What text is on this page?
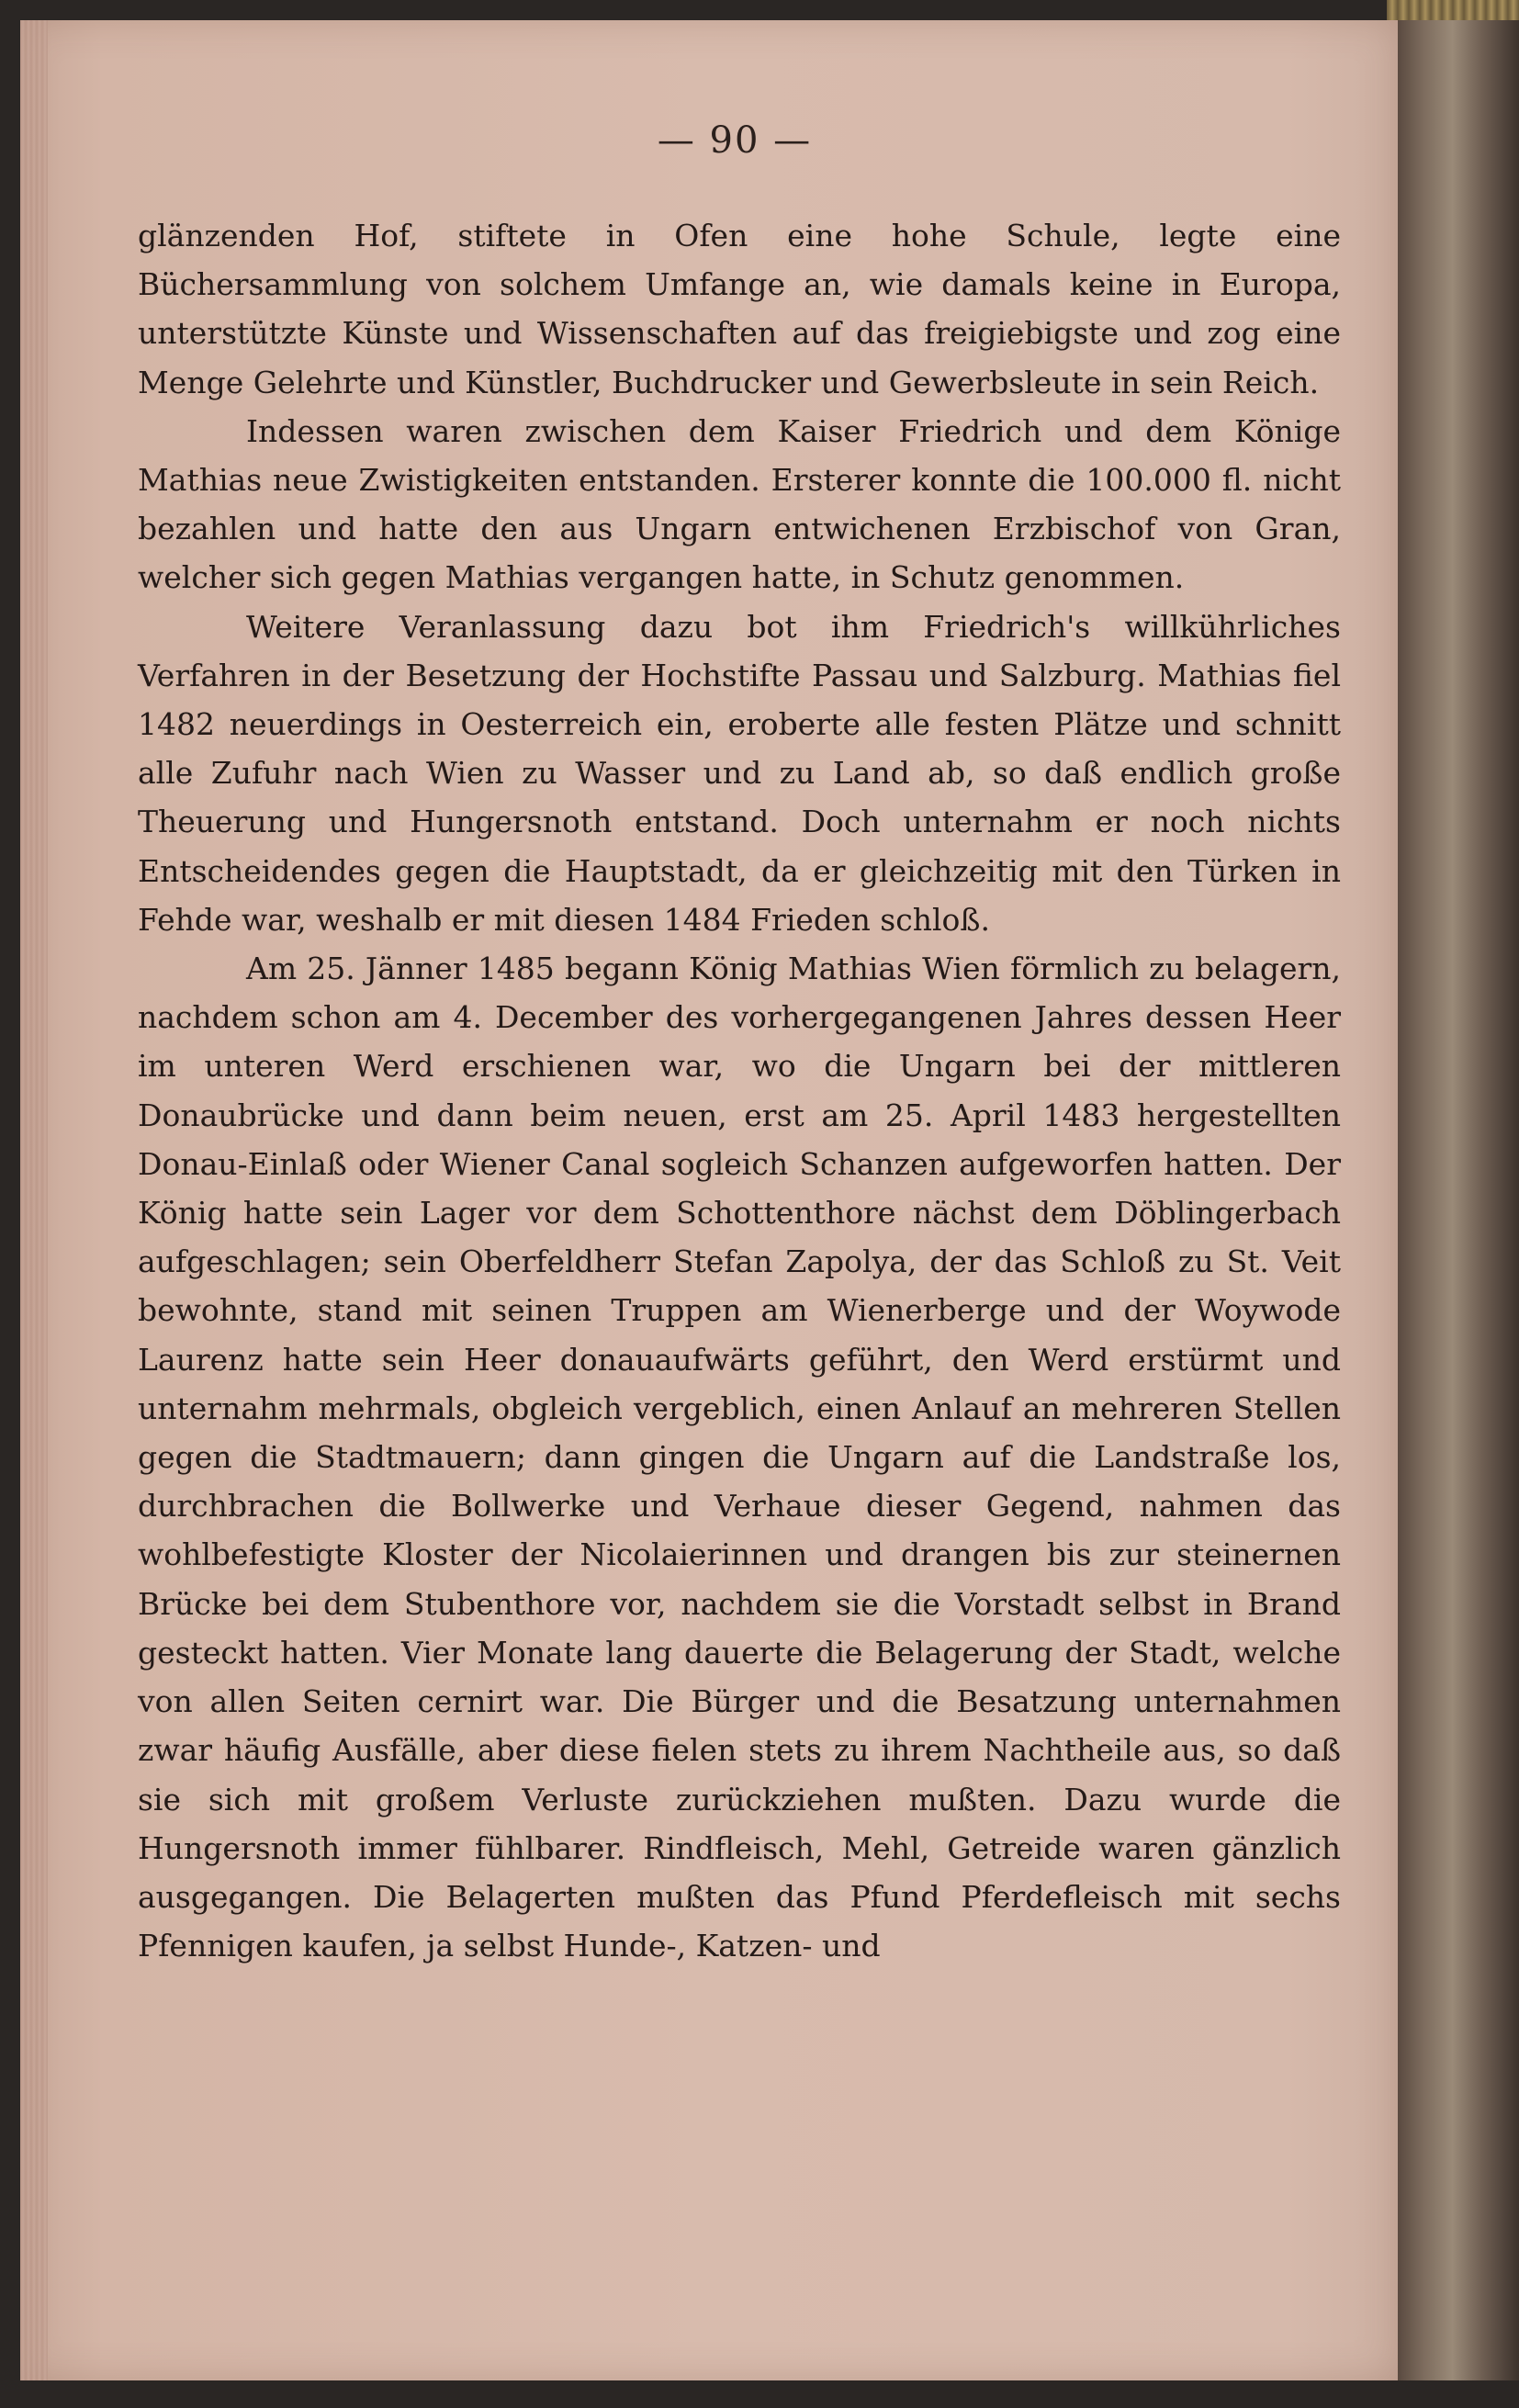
— 90 —

glänzenden Hof, stiftete in Ofen eine hohe Schule, legte eine Büchersammlung von solchem Umfange an, wie damals keine in Europa, unterstützte Künste und Wissenschaften auf das freigiebigste und zog eine Menge Gelehrte und Künstler, Buchdrucker und Gewerbsleute in sein Reich.

Indessen waren zwischen dem Kaiser Friedrich und dem Könige Mathias neue Zwistigkeiten entstanden. Ersterer konnte die 100.000 fl. nicht bezahlen und hatte den aus Ungarn entwichenen Erzbischof von Gran, welcher sich gegen Mathias vergangen hatte, in Schutz genommen.

Weitere Veranlassung dazu bot ihm Friedrich's willkührliches Verfahren in der Besetzung der Hochstifte Passau und Salzburg. Mathias fiel 1482 neuerdings in Oesterreich ein, eroberte alle festen Plätze und schnitt alle Zufuhr nach Wien zu Wasser und zu Land ab, so daß endlich große Theuerung und Hungersnoth entstand. Doch unternahm er noch nichts Entscheidendes gegen die Hauptstadt, da er gleichzeitig mit den Türken in Fehde war, weshalb er mit diesen 1484 Frieden schloß.

Am 25. Jänner 1485 begann König Mathias Wien förmlich zu belagern, nachdem schon am 4. December des vorhergegangenen Jahres dessen Heer im unteren Werd erschienen war, wo die Ungarn bei der mittleren Donaubrücke und dann beim neuen, erst am 25. April 1483 hergestellten Donau-Einlaß oder Wiener Canal sogleich Schanzen aufgeworfen hatten. Der König hatte sein Lager vor dem Schottenthore nächst dem Döblingerbach aufgeschlagen; sein Oberfeldherr Stefan Zapolya, der das Schloß zu St. Veit bewohnte, stand mit seinen Truppen am Wienerberge und der Woywode Laurenz hatte sein Heer donauaufwärts geführt, den Werd erstürmt und unternahm mehrmals, obgleich vergeblich, einen Anlauf an mehreren Stellen gegen die Stadtmauern; dann gingen die Ungarn auf die Landstraße los, durchbrachen die Bollwerke und Verhaue dieser Gegend, nahmen das wohlbefestigte Kloster der Nicolaierinnen und drangen bis zur steinernen Brücke bei dem Stubenthore vor, nachdem sie die Vorstadt selbst in Brand gesteckt hatten. Vier Monate lang dauerte die Belagerung der Stadt, welche von allen Seiten cernirt war. Die Bürger und die Besatzung unternahmen zwar häufig Ausfälle, aber diese fielen stets zu ihrem Nachtheile aus, so daß sie sich mit großem Verluste zurückziehen mußten. Dazu wurde die Hungersnoth immer fühlbarer. Rindfleisch, Mehl, Getreide waren gänzlich ausgegangen. Die Belagerten mußten das Pfund Pferdefleisch mit sechs Pfennigen kaufen, ja selbst Hunde-, Katzen- und
